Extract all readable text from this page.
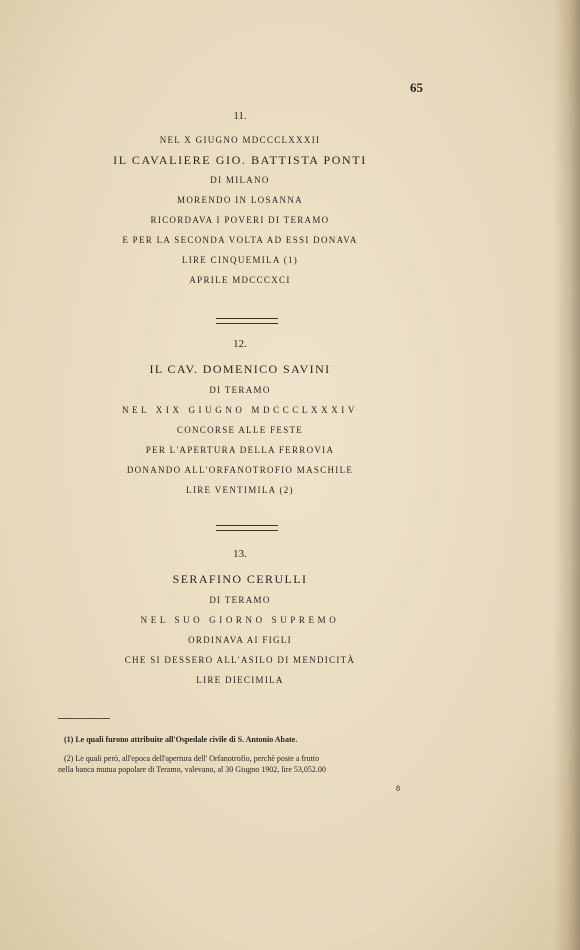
65
11.
NEL X GIUGNO MDCCCLXXXII
IL CAVALIERE GIO. BATTISTA PONTI
DI MILANO
MORENDO IN LOSANNA
RICORDAVA I POVERI DI TERAMO
E PER LA SECONDA VOLTA AD ESSI DONAVA
LIRE CINQUEMILA (1)
APRILE MDCCCXCI
12.
IL CAV. DOMENICO SAVINI
DI TERAMO
NEL XIX GIUGNO MDCCCLXXXIV
CONCORSE ALLE FESTE
PER L'APERTURA DELLA FERROVIA
DONANDO ALL'ORFANOTROFIO MASCHILE
LIRE VENTIMILA (2)
13.
SERAFINO CERULLI
DI TERAMO
NEL SUO GIORNO SUPREMO
ORDINAVA AI FIGLI
CHE SI DESSERO ALL'ASILO DI MENDICITÀ
LIRE DIECIMILA
(1) Le quali furono attribuite all'Ospedale civile di S. Antonio Abate.
(2) Le quali però, all'epoca dell'apertura dell' Orfanotrofio, perchè poste a frutto
nella banca mutua popolare di Teramo, valevano, al 30 Giugno 1902, lire 53,052.00
8
